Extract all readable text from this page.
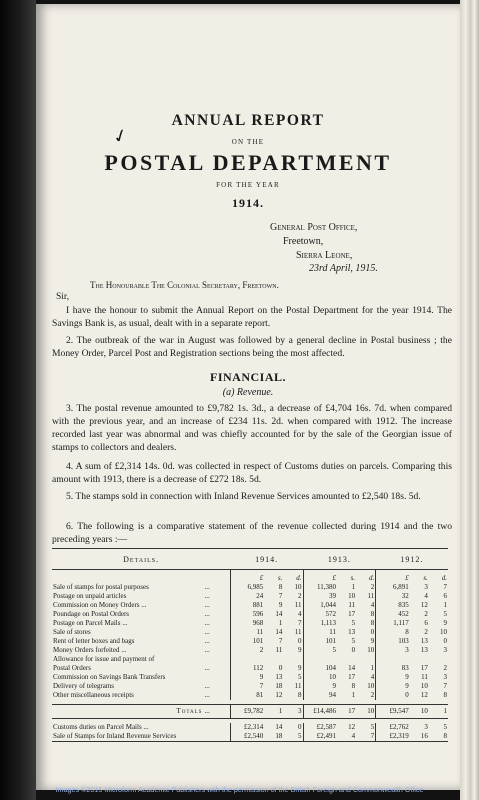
✓
ANNUAL REPORT
ON THE
POSTAL DEPARTMENT
FOR THE YEAR
1914.
General Post Office,
Freetown,
Sierra Leone,
23rd April, 1915.
The Honourable The Colonial Secretary, Freetown.
Sir,
I have the honour to submit the Annual Report on the Postal Department for the year 1914. The Savings Bank is, as usual, dealt with in a separate report.
2. The outbreak of the war in August was followed by a general decline in Postal business ; the Money Order, Parcel Post and Registration sections being the most affected.
FINANCIAL.
(a) Revenue.
3. The postal revenue amounted to £9,782 1s. 3d., a decrease of £4,704 16s. 7d. when compared with the previous year, and an increase of £234 11s. 2d. when compared with 1912. The increase recorded last year was abnormal and was chiefly accounted for by the sale of the Georgian issue of stamps to collectors and dealers.
4. A sum of £2,314 14s. 0d. was collected in respect of Customs duties on parcels. Comparing this amount with 1913, there is a decrease of £272 18s. 5d.
5. The stamps sold in connection with Inland Revenue Services amounted to £2,540 18s. 5d.
6. The following is a comparative statement of the revenue collected during 1914 and the two preceding years :—
Details.		1914.			1913.			1912.		
		£	s.	d.	£	s.	d.	£	s.	d.
Sale of stamps for postal purposes	...	6,985	8	10	11,380	1	2	6,891	3	7
Postage on unpaid articles	...	24	7	2	39	10	11	32	4	6
Commission on Money Orders ...	...	881	9	11	1,044	11	4	835	12	1
Poundage on Postal Orders	...	596	14	4	572	17	8	452	2	5
Postage on Parcel Mails ...	...	968	1	7	1,113	5	8	1,117	6	9
Sale of stores	...	11	14	11	11	13	0	8	2	10
Rent of letter boxes and bags	...	101	7	0	101	5	9	103	13	0
Money Orders forfeited ...	...	2	11	9	5	0	10	3	13	3
Allowance for issue and payment of										
Postal Orders	...	112	0	9	104	14	1	83	17	2
Commission on Savings Bank Transfers		9	13	5	10	17	4	9	11	3
Delivery of telegrams	...	7	18	11	9	8	10	9	10	7
Other miscellaneous receipts	...	81	12	8	94	1	2	0	12	8

Totals	...	£9,782	1	3	£14,486	17	10	£9,547	10	1

Customs duties on Parcel Mails ...		£2,314	14	0	£2,587	12	5	£2,762	3	5
Sale of Stamps for Inland Revenue Services		£2,540	18	5	£2,491	4	7	£2,319	16	8
Images ©2015 Microform Academic Publishers with the permission of the British Foreign and Commonwealth Office
